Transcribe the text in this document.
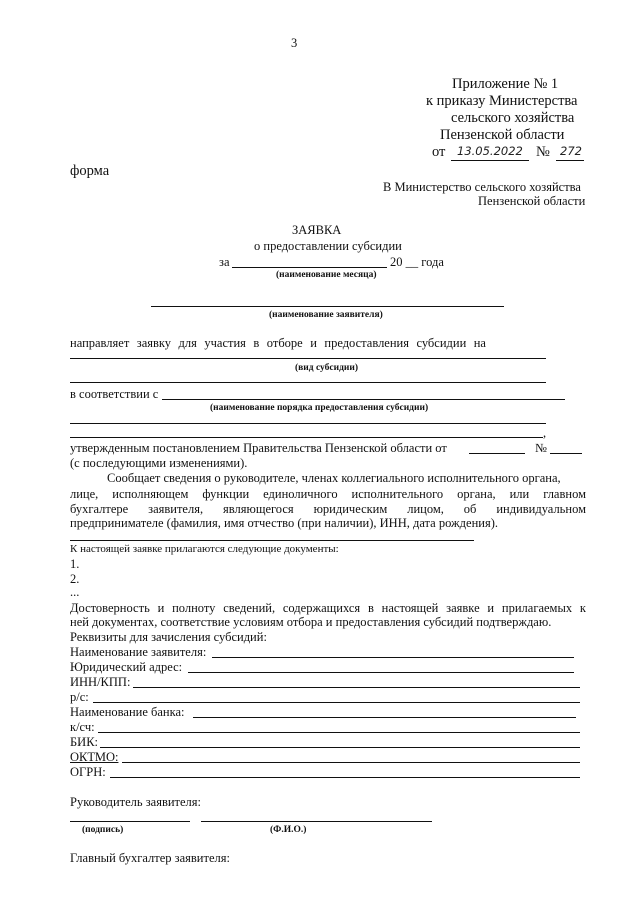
3
Приложение № 1
к приказу Министерства
сельского хозяйства
Пензенской области
от 13.05.2022 № 272
форма
В Министерство сельского хозяйства
Пензенской области
ЗАЯВКА
о предоставлении субсидии
за	20 __ года
(наименование месяца)
(наименование заявителя)
направляет заявку для участия в отборе и предоставления субсидии на
(вид субсидии)
в соответствии с
(наименование порядка предоставления субсидии)
,
утвержденным постановлением Правительства Пензенской области от	№
(с последующими изменениями).
Сообщает сведения о руководителе, членах коллегиального исполнительного органа,
лице, исполняющем функции единоличного исполнительного органа, или главном
бухгалтере заявителя, являющегося юридическим лицом, об индивидуальном
предпринимателе (фамилия, имя отчество (при наличии), ИНН, дата рождения).
К настоящей заявке прилагаются следующие документы:
1.
2.
...
Достоверность и полноту сведений, содержащихся в настоящей заявке и прилагаемых к
ней документах, соответствие условиям отбора и предоставления субсидий подтверждаю.
Реквизиты для зачисления субсидий:
Наименование заявителя:
Юридический адрес:
ИНН/КПП:
р/с:
Наименование банка:
к/сч:
БИК:
ОКТМО:
ОГРН:
Руководитель заявителя:
(подпись)	(Ф.И.О.)
Главный бухгалтер заявителя:
